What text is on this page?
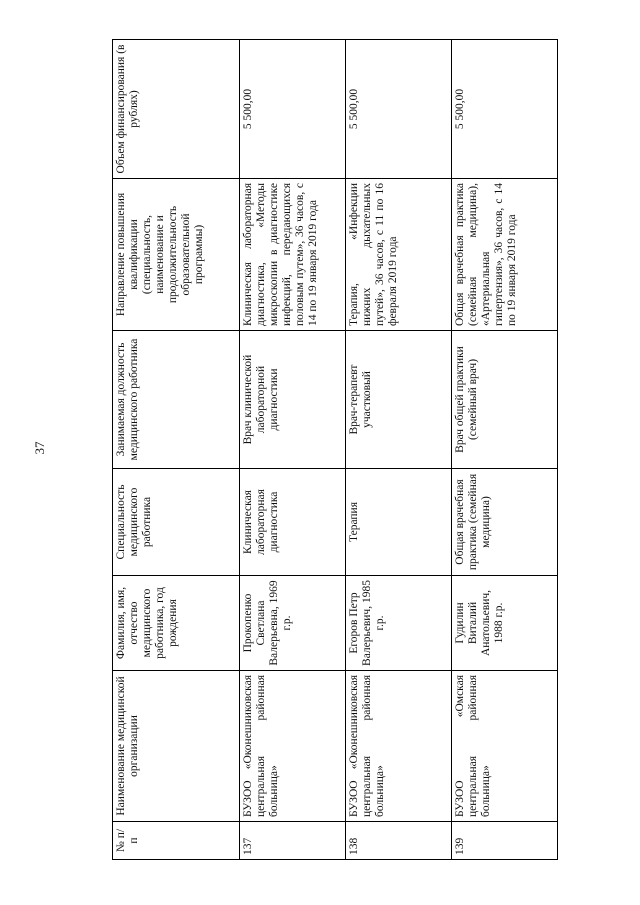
37
№ п/п	Наименование медицинской организации	Фамилия, имя, отчество медицинского работника, год рождения	Специальность медицинского работника	Занимаемая должность медицинского работника	Направление повышения квалификации (специальность, наименование и продолжительность образовательной программы)	Объем финансирования (в рублях)
137	БУЗОО «Оконешниковская центральная районная больница»	Прокопенко Светлана Валерьевна, 1969 г.р.	Клиническая лабораторная диагностика	Врач клинической лабораторной диагностики	Клиническая лабораторная диагностика, «Методы микроскопии в диагностике инфекций, передающихся половым путем», 36 часов, с 14 по 19 января 2019 года	5 500,00
138	БУЗОО «Оконешниковская центральная районная больница»	Егоров Петр Валерьевич, 1985 г.р.	Терапия	Врач-терапевт участковый	Терапия, «Инфекции нижних дыхательных путей», 36 часов, с 11 по 16 февраля 2019 года	5 500,00
139	БУЗОО «Омская центральная районная больница»	Гудилин Виталий Анатольевич, 1988 г.р.	Общая врачебная практика (семейная медицина)	Врач общей практики (семейный врач)	Общая врачебная практика (семейная медицина), «Артериальная гипертензия», 36 часов, с 14 по 19 января 2019 года	5 500,00
